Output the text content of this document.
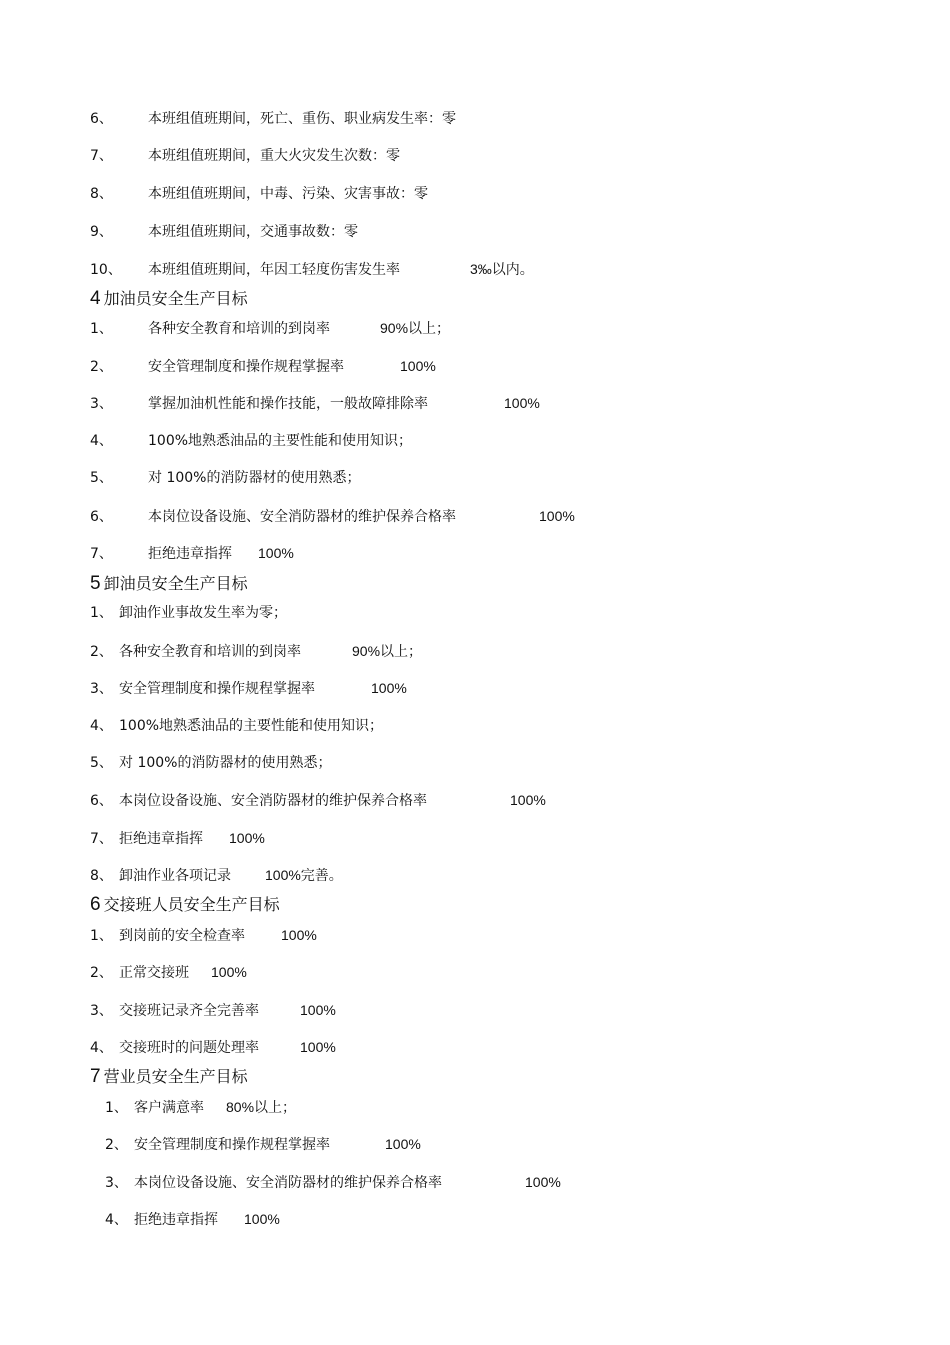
6、	本班组值班期间，死亡、重伤、职业病发生率：零
7、	本班组值班期间，重大火灾发生次数：零
8、	本班组值班期间，中毒、污染、灾害事故：零
9、	本班组值班期间，交通事故数：零
10、 本班组值班期间，年因工轻度伤害发生率	3‰以内。
4 加油员安全生产目标
1、	各种安全教育和培训的到岗率	90%以上；
2、	安全管理制度和操作规程掌握率	100%
3、	掌握加油机性能和操作技能，一般故障排除率	100%
4、	100%地熟悉油品的主要性能和使用知识；
5、	对 100%的消防器材的使用熟悉；
6、	本岗位设备设施、安全消防器材的维护保养合格率	100%
7、	拒绝违章指挥 100%
5 卸油员安全生产目标
1、 卸油作业事故发生率为零；
2、 各种安全教育和培训的到岗率	90%以上；
3、 安全管理制度和操作规程掌握率	100%
4、 100%地熟悉油品的主要性能和使用知识；
5、 对 100%的消防器材的使用熟悉；
6、 本岗位设备设施、安全消防器材的维护保养合格率	100%
7、 拒绝违章指挥 100%
8、 卸油作业各项记录 100%完善。
6 交接班人员安全生产目标
1、 到岗前的安全检查率	100%
2、 正常交接班 100%
3、 交接班记录齐全完善率	100%
4、 交接班时的问题处理率	100%
7 营业员安全生产目标
1、 客户满意率 80%以上；
2、 安全管理制度和操作规程掌握率	100%
3、 本岗位设备设施、安全消防器材的维护保养合格率	100%
4、 拒绝违章指挥 100%
